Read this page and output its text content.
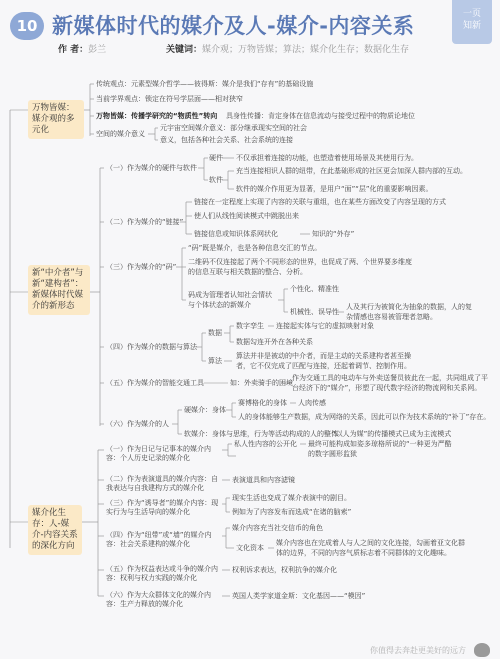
10 新媒体时代的媒介及人-媒介-内容关系	一页
知新
作 者：彭兰	关键词：媒介观；万物皆媒；算法；媒介化生存；数据化生存
万物皆媒：媒介观的多元化
新“中介者”与新“建构者”：新媒体时代媒介的新形态
媒介化生存：人-媒介-内容关系的深化方向
传统观点：元素型媒介哲学——彼得斯：媒介是我们“存有”的基础设施
当前学界观点：锁定在符号学层面——相对狭窄
万物皆媒：传播学研究的“物质性”转向 具身性传播：肯定身体在信息流动与接受过程中的物质论地位
空间的媒介意义
元宇宙空间媒介意义：部分继承现实空间的社会
意义，包括各种社会关系、社会系统的连接
（一）作为媒介的硬件与软件
硬件 不仅承担着连接的功能，也塑造着使用场景及其使用行为。
软件
充当连接相识人群的纽带，在此基础形成的社区更会加深人群内部的互动。
软件的媒介作用更为显著，是用户“面”“层”化的重要影响因素。
（二）作为媒介的“链接”
链接在一定程度上实现了内容的关联与重组，也在某些方面改变了内容呈现的方式
使人们从线性阅读模式中跳脱出来
链接信息或知识体系网状化	知识的“外存”
（三）作为媒介的“码”
“码”既是媒介，也是各种信息交汇的节点。
二维码不仅连接起了两个不同形态的世界，也促成了两、个世界要多维度
的信息互联与相关数据的整合、分析。
码成为管理者认知社会情状
与个体状态的新媒介
个性化、精准性
机械性、误导性
人及其行为被简化为抽象的数据，人的复
杂情感也容易被管理者忽略。
（四）作为媒介的数据与算法
数据
数字孪生 连接起实体与它的虚拟映射对象
数据勾连开外在各种关系
算法
算法并非是被动的中介者，而是主动的关系建构者甚至操
者，它不仅完成了匹配与连接，还起着调节、控制作用。
（五）作为媒介的智能交通工具	如：外卖骑手的困境
作为交通工具的电动车与外卖送餐员彼此在一起，共同组成了平
台经济下的“媒介”，形塑了现代数字经济的物流网和关系网。
（六）作为媒介的人
硬媒介：身体
赛博格化的身体 人肉传感
人的身体能够生产数据，成为网络的关系，因此可以作为技术系统的“补丁”存在。
软媒介：身体与思维，行为等活动构成的人的整体
“以人为媒”的传播模式已成为主流模式
（一）作为日记与记事本的媒介内容：个人历史记录的媒介化
私人性内容的公开化 最终可能构成如姿多琼格所说的“一种更为严酷
的数字圆形监狱
（二）作为表演道具的媒介内容：自我表达与自我建构方式的媒介化
表演道具和内容滤镜
（三）作为“诱导者”的媒介内容：现实行为与生活导向的媒介化
现实生活也变成了媒介表演中的剧目。
例如为了内容发布而选成“在诸的脑索”
（四）作为“纽带”或“墙”的媒介内容：社会关系建构的媒介化
媒介内容充当社交信币的角色
文化资本
媒介内容也在完成着人与人之间的文化连接，勾画着亚文化群
体的边界，不同的内容气质标志着不同群体的文化趣味。
（五）作为权益表达或斗争的媒介内容：权利与权力实践的媒介化
权利诉求表达，权利抗争的媒介化
（六）作为大众群体文化的媒介内容：生产力释放的媒介化
英国人类学家道金斯：文化基因——“模因”
你值得去奔赴更美好的远方
